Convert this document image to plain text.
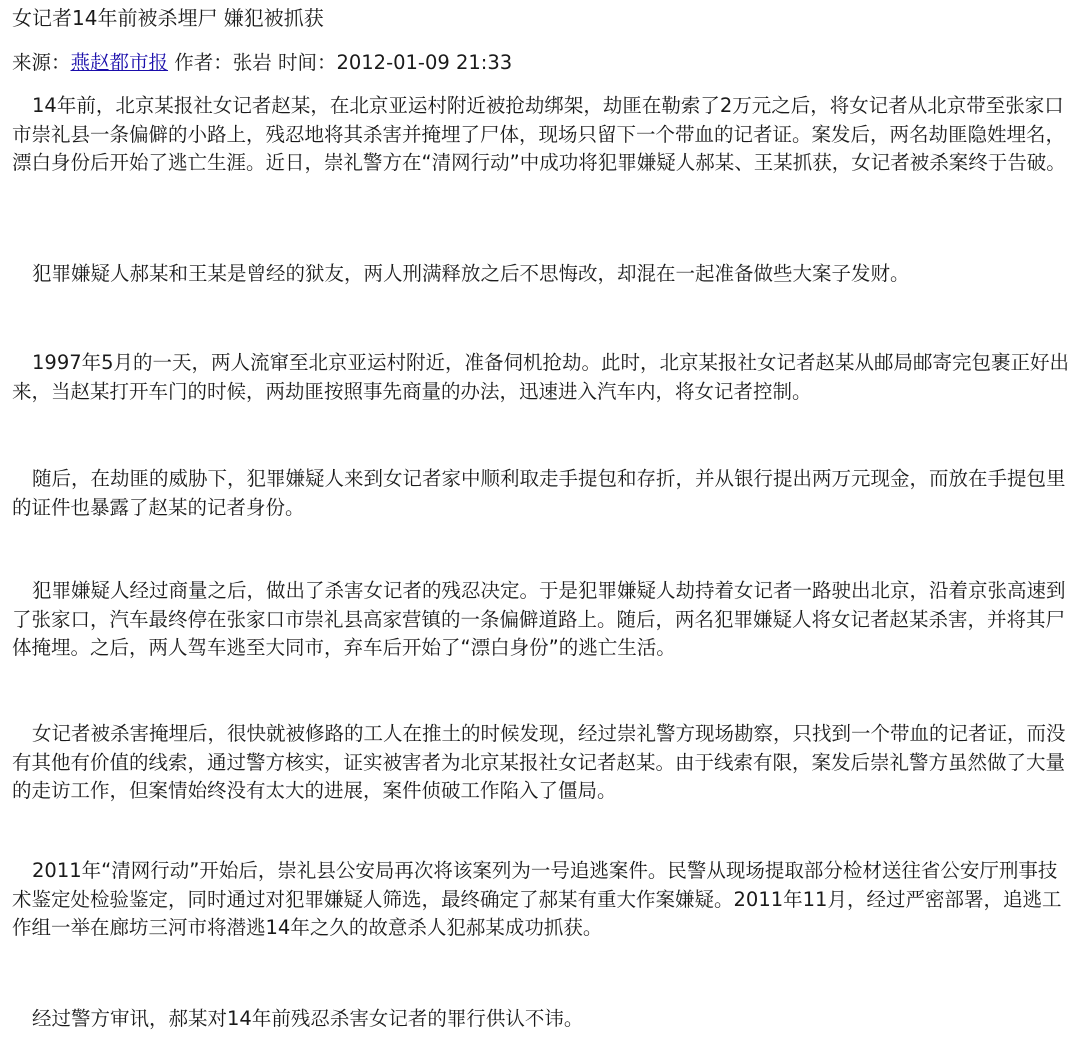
女记者14年前被杀埋尸 嫌犯被抓获
来源：燕赵都市报 作者：张岩 时间：2012-01-09 21:33

14年前，北京某报社女记者赵某，在北京亚运村附近被抢劫绑架，劫匪在勒索了2万元之后，将女记者从北京带至张家口市崇礼县一条偏僻的小路上，残忍地将其杀害并掩埋了尸体，现场只留下一个带血的记者证。案发后，两名劫匪隐姓埋名，漂白身份后开始了逃亡生涯。近日，崇礼警方在“清网行动”中成功将犯罪嫌疑人郝某、王某抓获，女记者被杀案终于告破。

犯罪嫌疑人郝某和王某是曾经的狱友，两人刑满释放之后不思悔改，却混在一起准备做些大案子发财。

1997年5月的一天，两人流窜至北京亚运村附近，准备伺机抢劫。此时，北京某报社女记者赵某从邮局邮寄完包裹正好出来，当赵某打开车门的时候，两劫匪按照事先商量的办法，迅速进入汽车内，将女记者控制。

随后，在劫匪的威胁下，犯罪嫌疑人来到女记者家中顺利取走手提包和存折，并从银行提出两万元现金，而放在手提包里的证件也暴露了赵某的记者身份。

犯罪嫌疑人经过商量之后，做出了杀害女记者的残忍决定。于是犯罪嫌疑人劫持着女记者一路驶出北京，沿着京张高速到了张家口，汽车最终停在张家口市崇礼县高家营镇的一条偏僻道路上。随后，两名犯罪嫌疑人将女记者赵某杀害，并将其尸体掩埋。之后，两人驾车逃至大同市，弃车后开始了“漂白身份”的逃亡生活。

女记者被杀害掩埋后，很快就被修路的工人在推土的时候发现，经过崇礼警方现场勘察，只找到一个带血的记者证，而没有其他有价值的线索，通过警方核实，证实被害者为北京某报社女记者赵某。由于线索有限，案发后崇礼警方虽然做了大量的走访工作，但案情始终没有太大的进展，案件侦破工作陷入了僵局。

2011年“清网行动”开始后，崇礼县公安局再次将该案列为一号追逃案件。民警从现场提取部分检材送往省公安厅刑事技术鉴定处检验鉴定，同时通过对犯罪嫌疑人筛选，最终确定了郝某有重大作案嫌疑。2011年11月，经过严密部署，追逃工作组一举在廊坊三河市将潜逃14年之久的故意杀人犯郝某成功抓获。

经过警方审讯，郝某对14年前残忍杀害女记者的罪行供认不讳。
